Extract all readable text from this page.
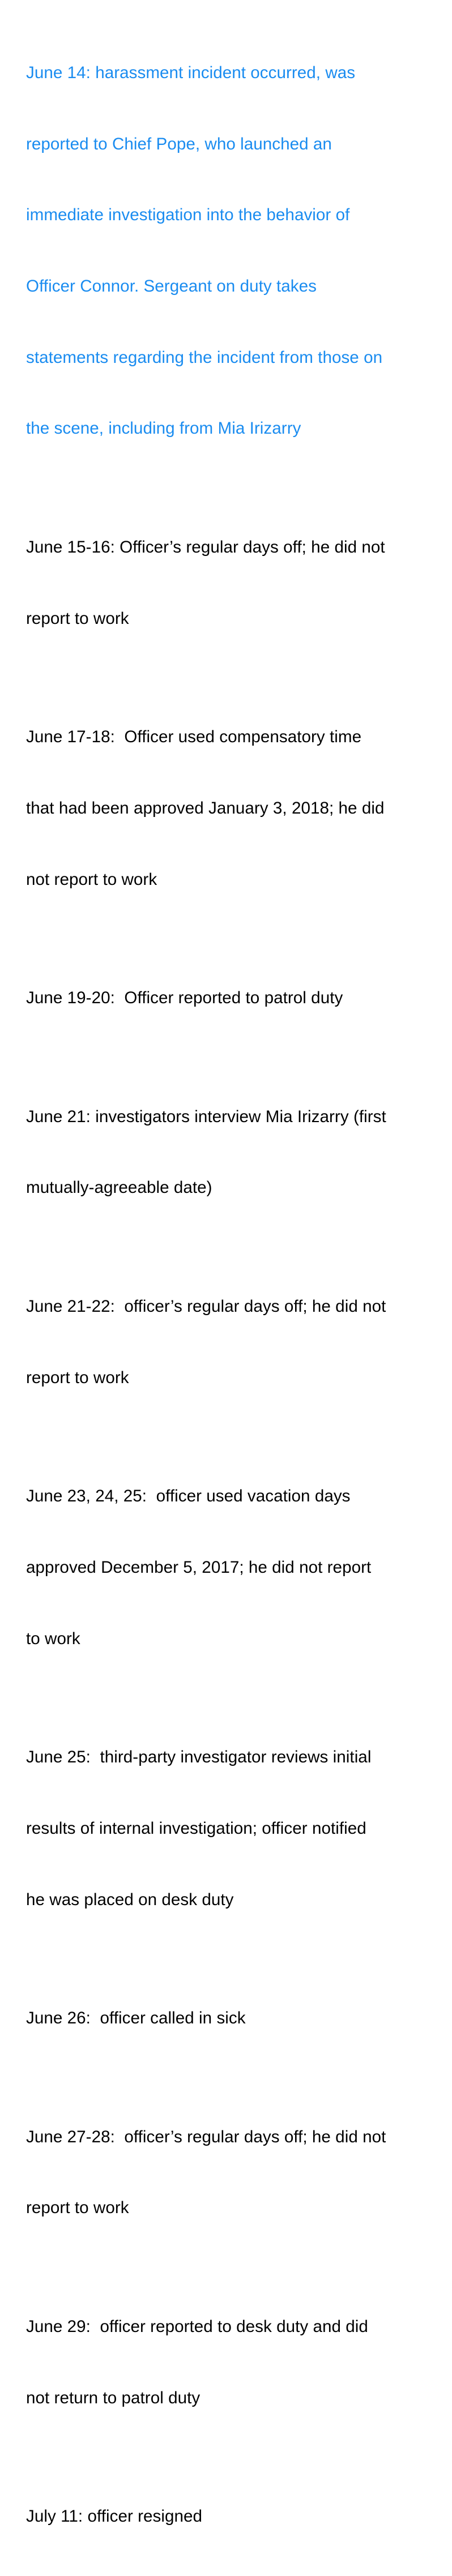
June 14: harassment incident occurred, was

reported to Chief Pope, who launched an

immediate investigation into the behavior of

Officer Connor. Sergeant on duty takes

statements regarding the incident from those on

the scene, including from Mia Irizarry

June 15-16: Officer’s regular days off; he did not

report to work

June 17-18:  Officer used compensatory time

that had been approved January 3, 2018; he did

not report to work

June 19-20:  Officer reported to patrol duty

June 21: investigators interview Mia Irizarry (first

mutually-agreeable date)

June 21-22:  officer’s regular days off; he did not

report to work

June 23, 24, 25:  officer used vacation days

approved December 5, 2017; he did not report

to work

June 25:  third-party investigator reviews initial

results of internal investigation; officer notified

he was placed on desk duty

June 26:  officer called in sick

June 27-28:  officer’s regular days off; he did not

report to work

June 29:  officer reported to desk duty and did

not return to patrol duty

July 11: officer resigned
